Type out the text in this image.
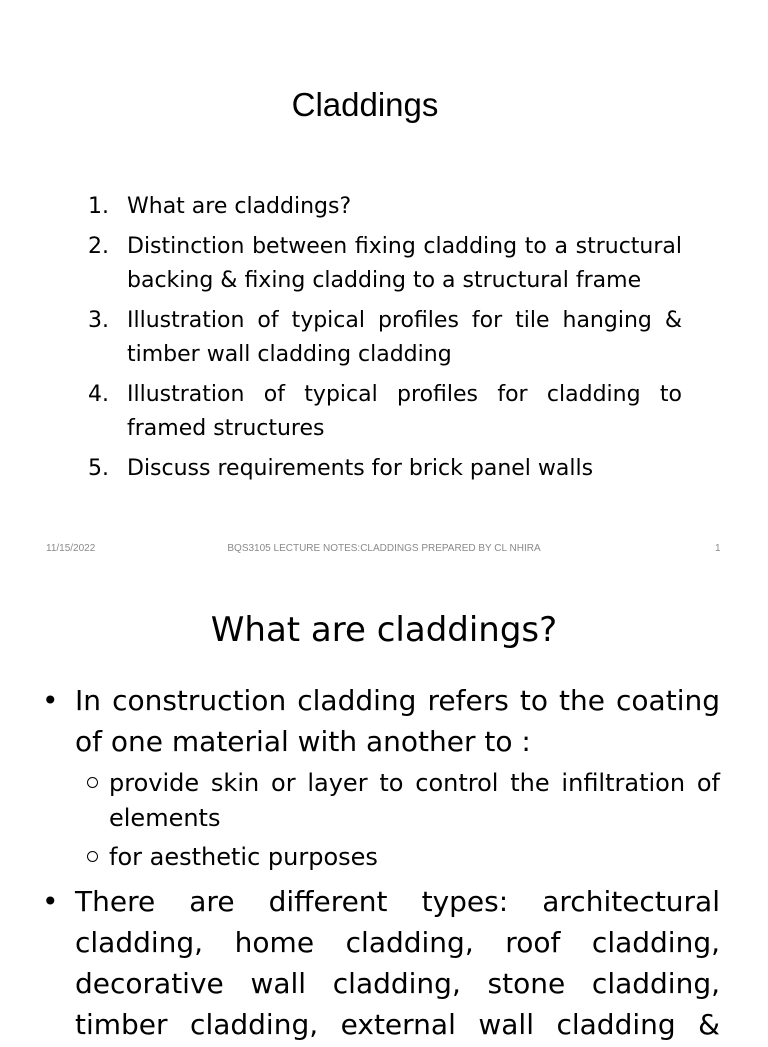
Claddings
1. What are claddings?
2. Distinction between fixing cladding to a structural backing & fixing cladding to a structural frame
3. Illustration of typical profiles for tile hanging & timber wall cladding cladding
4. Illustration of typical profiles for cladding to framed structures
5. Discuss requirements for brick panel walls
11/15/2022	BQS3105 LECTURE NOTES:CLADDINGS PREPARED BY CL NHIRA	1
What are claddings?
• In construction cladding refers to the coating of one material with another to :
provide skin or layer to control the infiltration of elements
for aesthetic purposes
• There are different types: architectural cladding, home cladding, roof cladding, decorative wall cladding, stone cladding, timber cladding, external wall cladding &
